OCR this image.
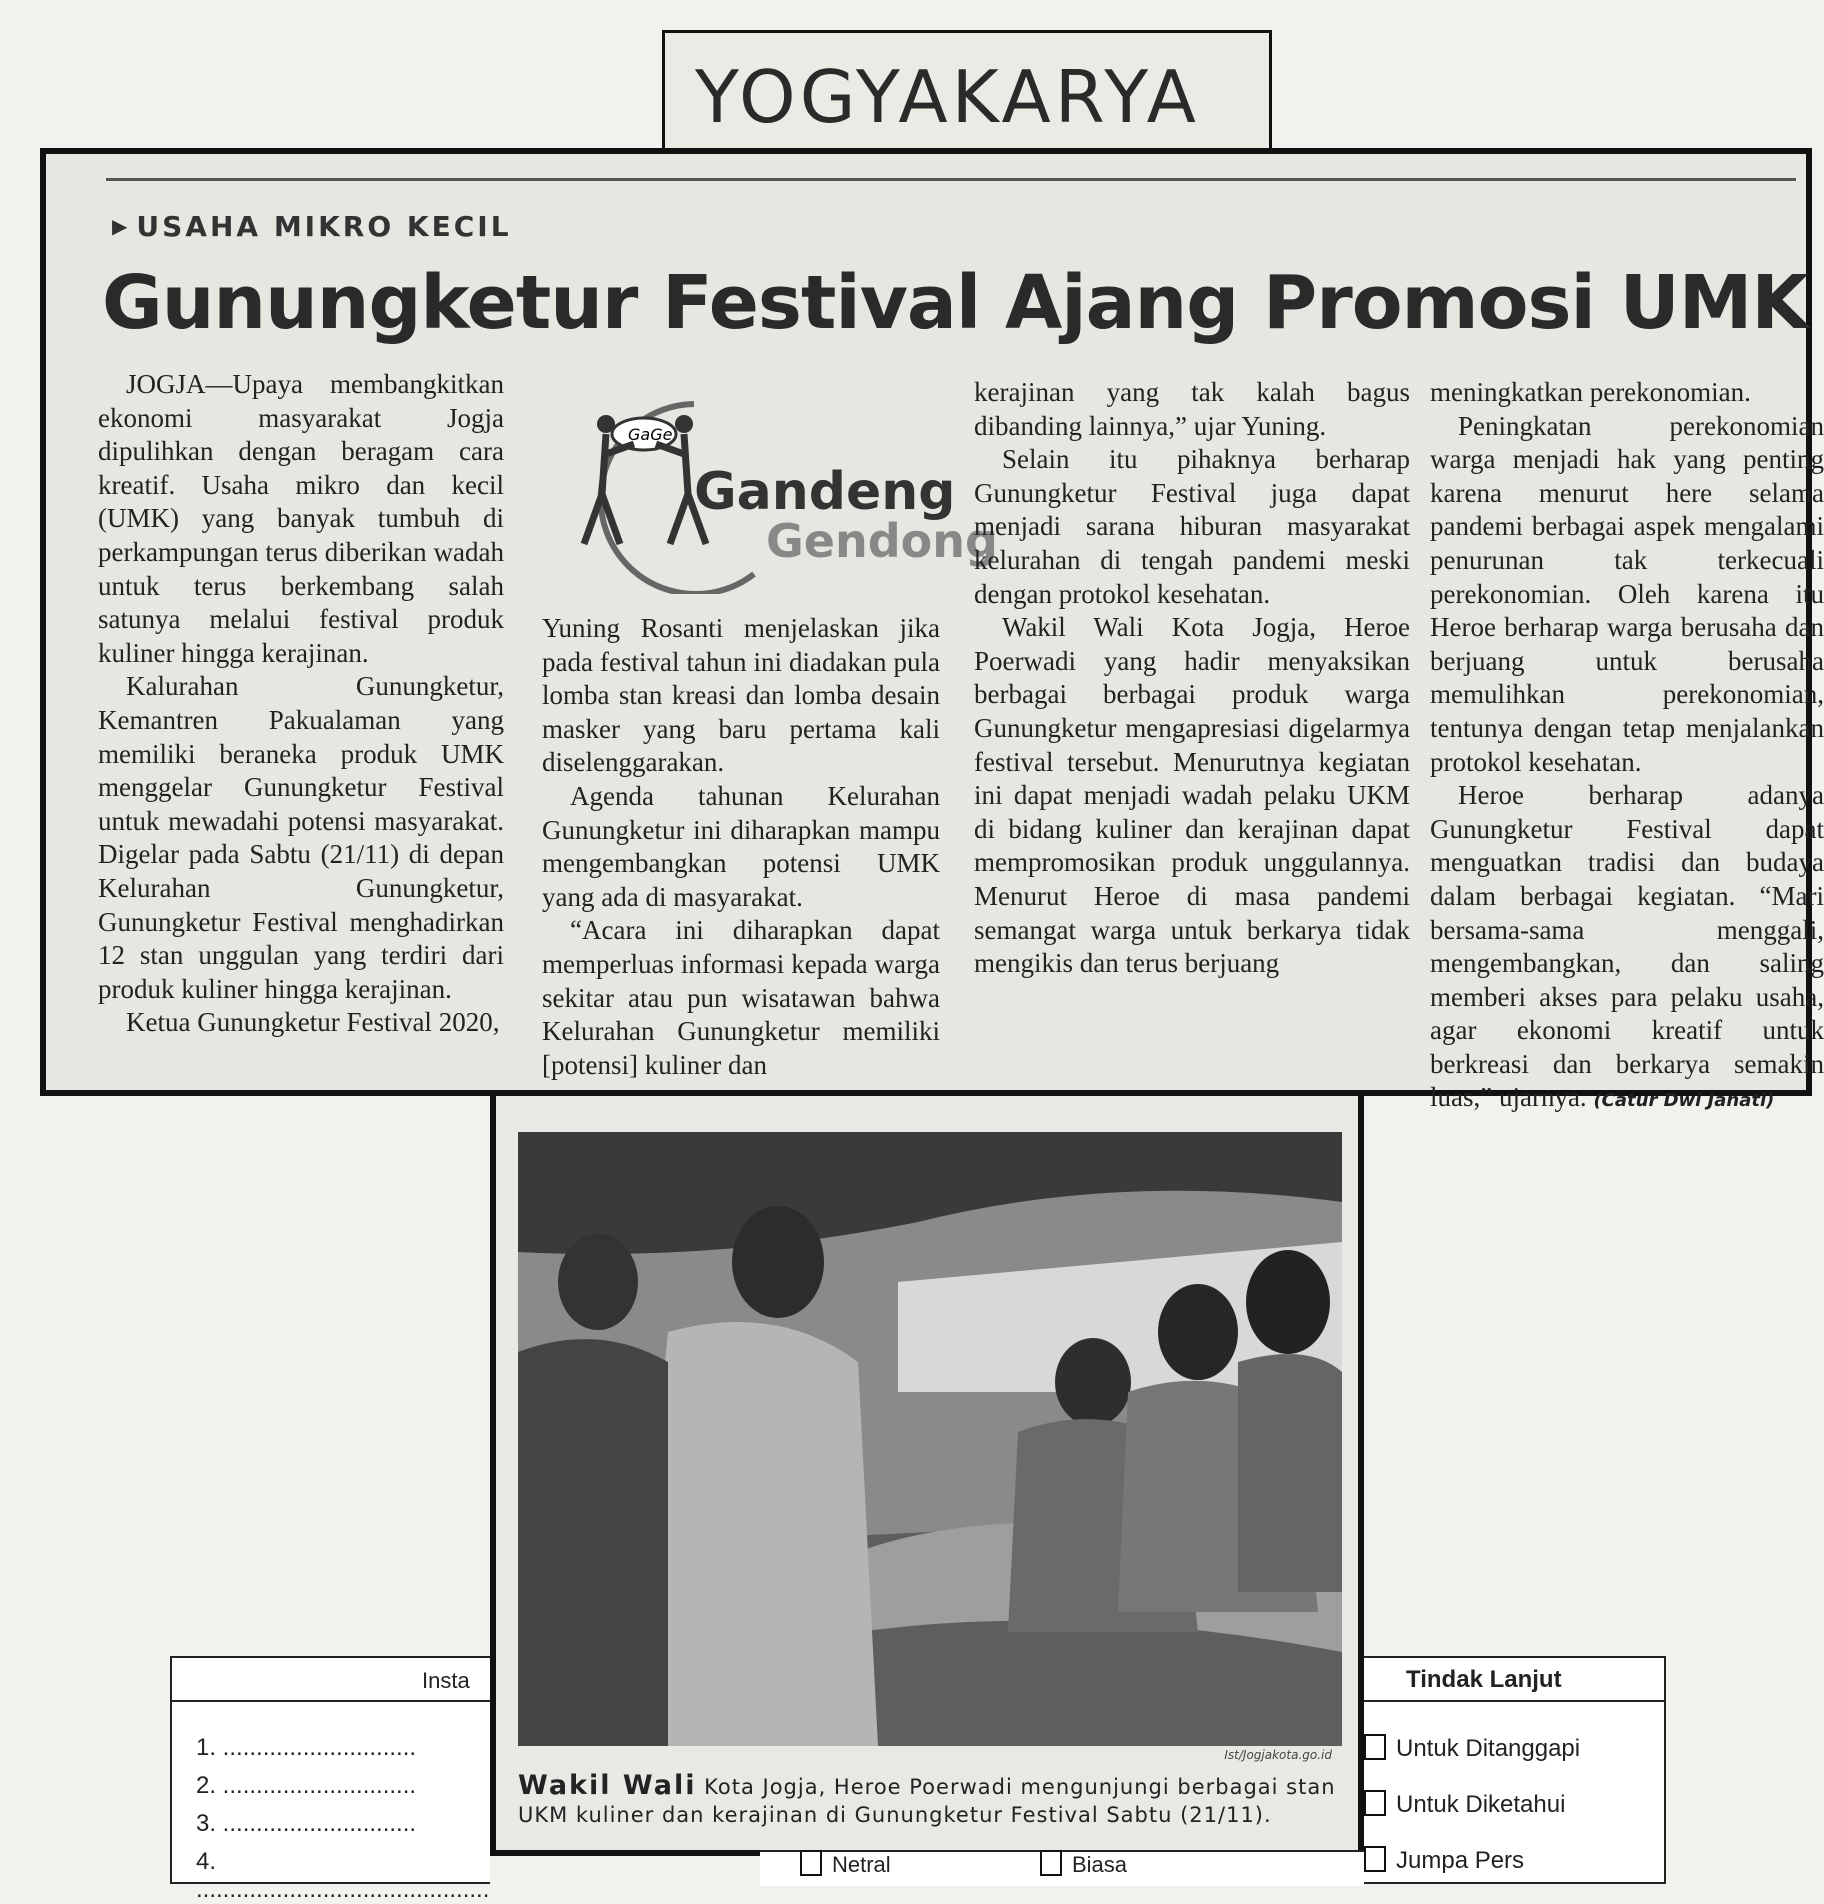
YOGYAKARYA
▶ USAHA MIKRO KECIL
Gunungketur Festival Ajang Promosi UMK

JOGJA—Upaya membangkitkan ekonomi masyarakat Jogja dipulihkan dengan beragam cara kreatif. Usaha mikro dan kecil (UMK) yang banyak tumbuh di perkampungan terus diberikan wadah untuk terus berkembang salah satunya melalui festival produk kuliner hingga kerajinan.

Kalurahan Gunungketur, Kemantren Pakualaman yang memiliki beraneka produk UMK menggelar Gunungketur Festival untuk mewadahi potensi masyarakat. Digelar pada Sabtu (21/11) di depan Kelurahan Gunungketur, Gunungketur Festival menghadirkan 12 stan unggulan yang terdiri dari produk kuliner hingga kerajinan.

Ketua Gunungketur Festival 2020,

GaGe
Gandeng
Gendong

Yuning Rosanti menjelaskan jika pada festival tahun ini diadakan pula lomba stan kreasi dan lomba desain masker yang baru pertama kali diselenggarakan.

Agenda tahunan Kelurahan Gunungketur ini diharapkan mampu mengembangkan potensi UMK yang ada di masyarakat.

“Acara ini diharapkan dapat memperluas informasi kepada warga sekitar atau pun wisatawan bahwa Kelurahan Gunungketur memiliki [potensi] kuliner dan

kerajinan yang tak kalah bagus dibanding lainnya,” ujar Yuning.

Selain itu pihaknya berharap Gunungketur Festival juga dapat menjadi sarana hiburan masyarakat kelurahan di tengah pandemi meski dengan protokol kesehatan.

Wakil Wali Kota Jogja, Heroe Poerwadi yang hadir menyaksikan berbagai berbagai produk warga Gunungketur mengapresiasi digelarmya festival tersebut. Menurutnya kegiatan ini dapat menjadi wadah pelaku UKM di bidang kuliner dan kerajinan dapat mempromosikan produk unggulannya. Menurut Heroe di masa pandemi semangat warga untuk berkarya tidak mengikis dan terus berjuang

meningkatkan perekonomian.

Peningkatan perekonomian warga menjadi hak yang penting karena menurut here selama pandemi berbagai aspek mengalami penurunan tak terkecuali perekonomian. Oleh karena itu Heroe berharap warga berusaha dan berjuang untuk berusaha memulihkan perekonomian, tentunya dengan tetap menjalankan protokol kesehatan.

Heroe berharap adanya Gunungketur Festival dapat menguatkan tradisi dan budaya dalam berbagai kegiatan. “Mari bersama-sama menggali, mengembangkan, dan saling memberi akses para pelaku usaha, agar ekonomi kreatif untuk berkreasi dan berkarya semakin luas,” ujarnya. (Catur Dwi Janati)

Ist/Jogjakota.go.id
Wakil Wali Kota Jogja, Heroe Poerwadi mengunjungi berbagai stan UKM kuliner dan kerajinan di Gunungketur Festival Sabtu (21/11).
Insta
1. .............................
2. .............................
3. .............................
4. ............................................
Netral	Biasa
Tindak Lanjut
Untuk Ditanggapi
Untuk Diketahui
Jumpa Pers
